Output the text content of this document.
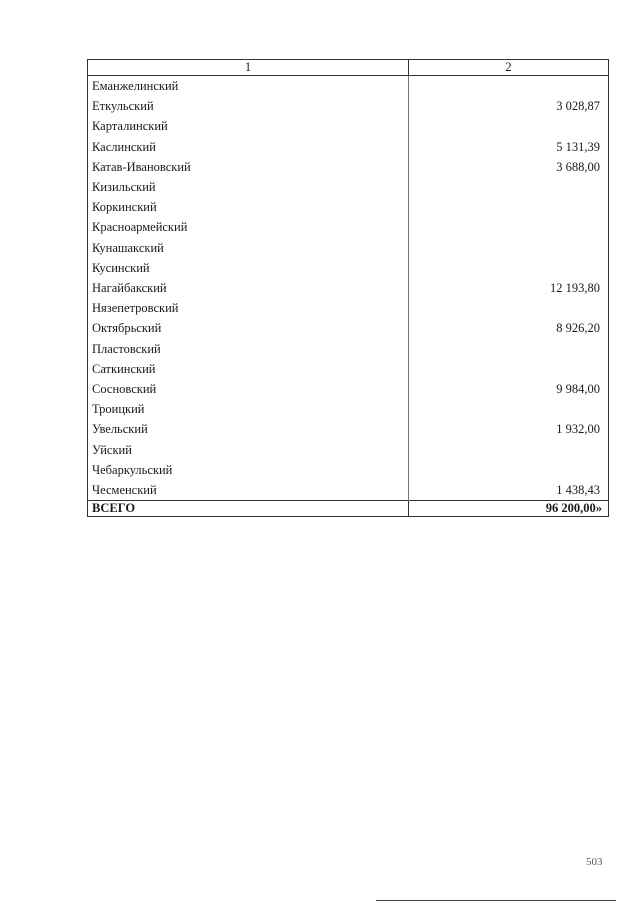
1	2
Еманжелинский	
Еткульский	3 028,87
Карталинский	
Каслинский	5 131,39
Катав-Ивановский	3 688,00
Кизильский	
Коркинский	
Красноармейский	
Кунашакский	
Кусинский	
Нагайбакский	12 193,80
Нязепетровский	
Октябрьский	8 926,20
Пластовский	
Саткинский	
Сосновский	9 984,00
Троицкий	
Увельский	1 932,00
Уйский	
Чебаркульский	
Чесменский	1 438,43
ВСЕГО	96 200,00»
503
